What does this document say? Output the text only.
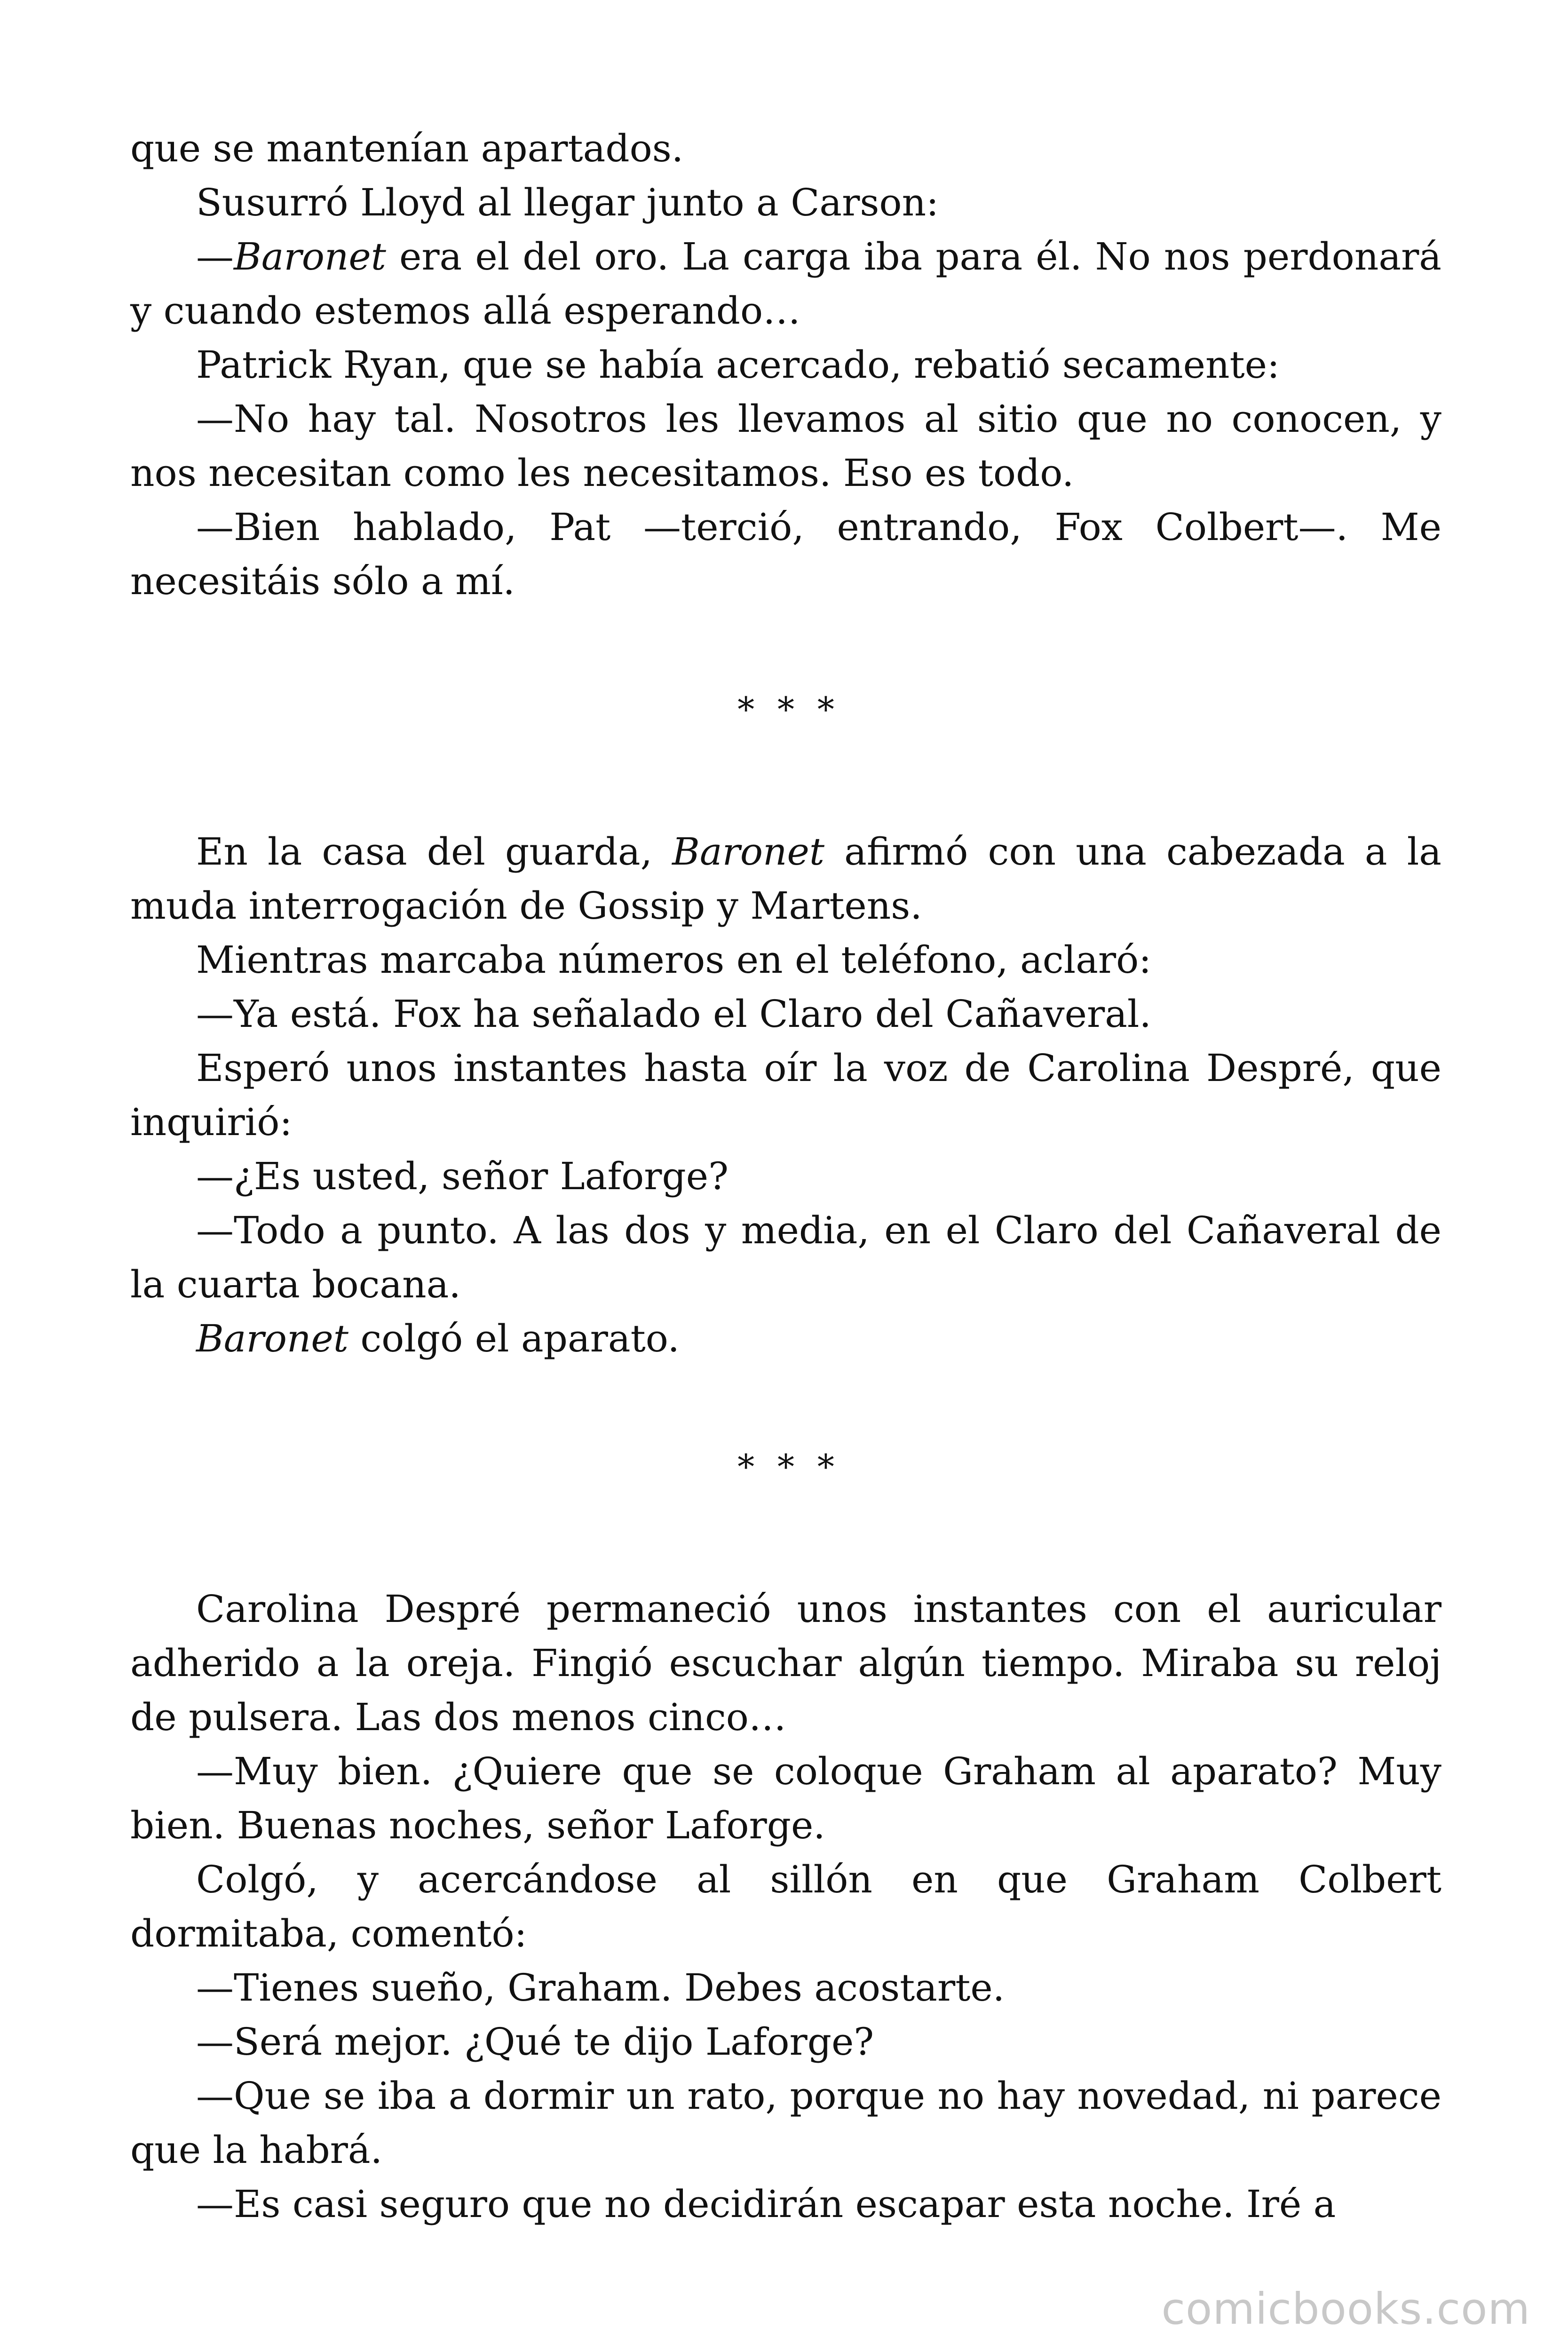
que se mantenían apartados.

Susurró Lloyd al llegar junto a Carson:

—Baronet era el del oro. La carga iba para él. No nos perdonará y cuando estemos allá esperando…

Patrick Ryan, que se había acercado, rebatió secamente:

—No hay tal. Nosotros les llevamos al sitio que no conocen, y nos necesitan como les necesitamos. Eso es todo.

—Bien hablado, Pat —terció, entrando, Fox Colbert—. Me necesitáis sólo a mí.

* * *

En la casa del guarda, Baronet afirmó con una cabezada a la muda interrogación de Gossip y Martens.

Mientras marcaba números en el teléfono, aclaró:

—Ya está. Fox ha señalado el Claro del Cañaveral.

Esperó unos instantes hasta oír la voz de Carolina Despré, que inquirió:

—¿Es usted, señor Laforge?

—Todo a punto. A las dos y media, en el Claro del Cañaveral de la cuarta bocana.

Baronet colgó el aparato.

* * *

Carolina Despré permaneció unos instantes con el auricular adherido a la oreja. Fingió escuchar algún tiempo. Miraba su reloj de pulsera. Las dos menos cinco…

—Muy bien. ¿Quiere que se coloque Graham al aparato? Muy bien. Buenas noches, señor Laforge.

Colgó, y acercándose al sillón en que Graham Colbert dormitaba, comentó:

—Tienes sueño, Graham. Debes acostarte.

—Será mejor. ¿Qué te dijo Laforge?

—Que se iba a dormir un rato, porque no hay novedad, ni parece que la habrá.

—Es casi seguro que no decidirán escapar esta noche. Iré a

comicbooks.com
